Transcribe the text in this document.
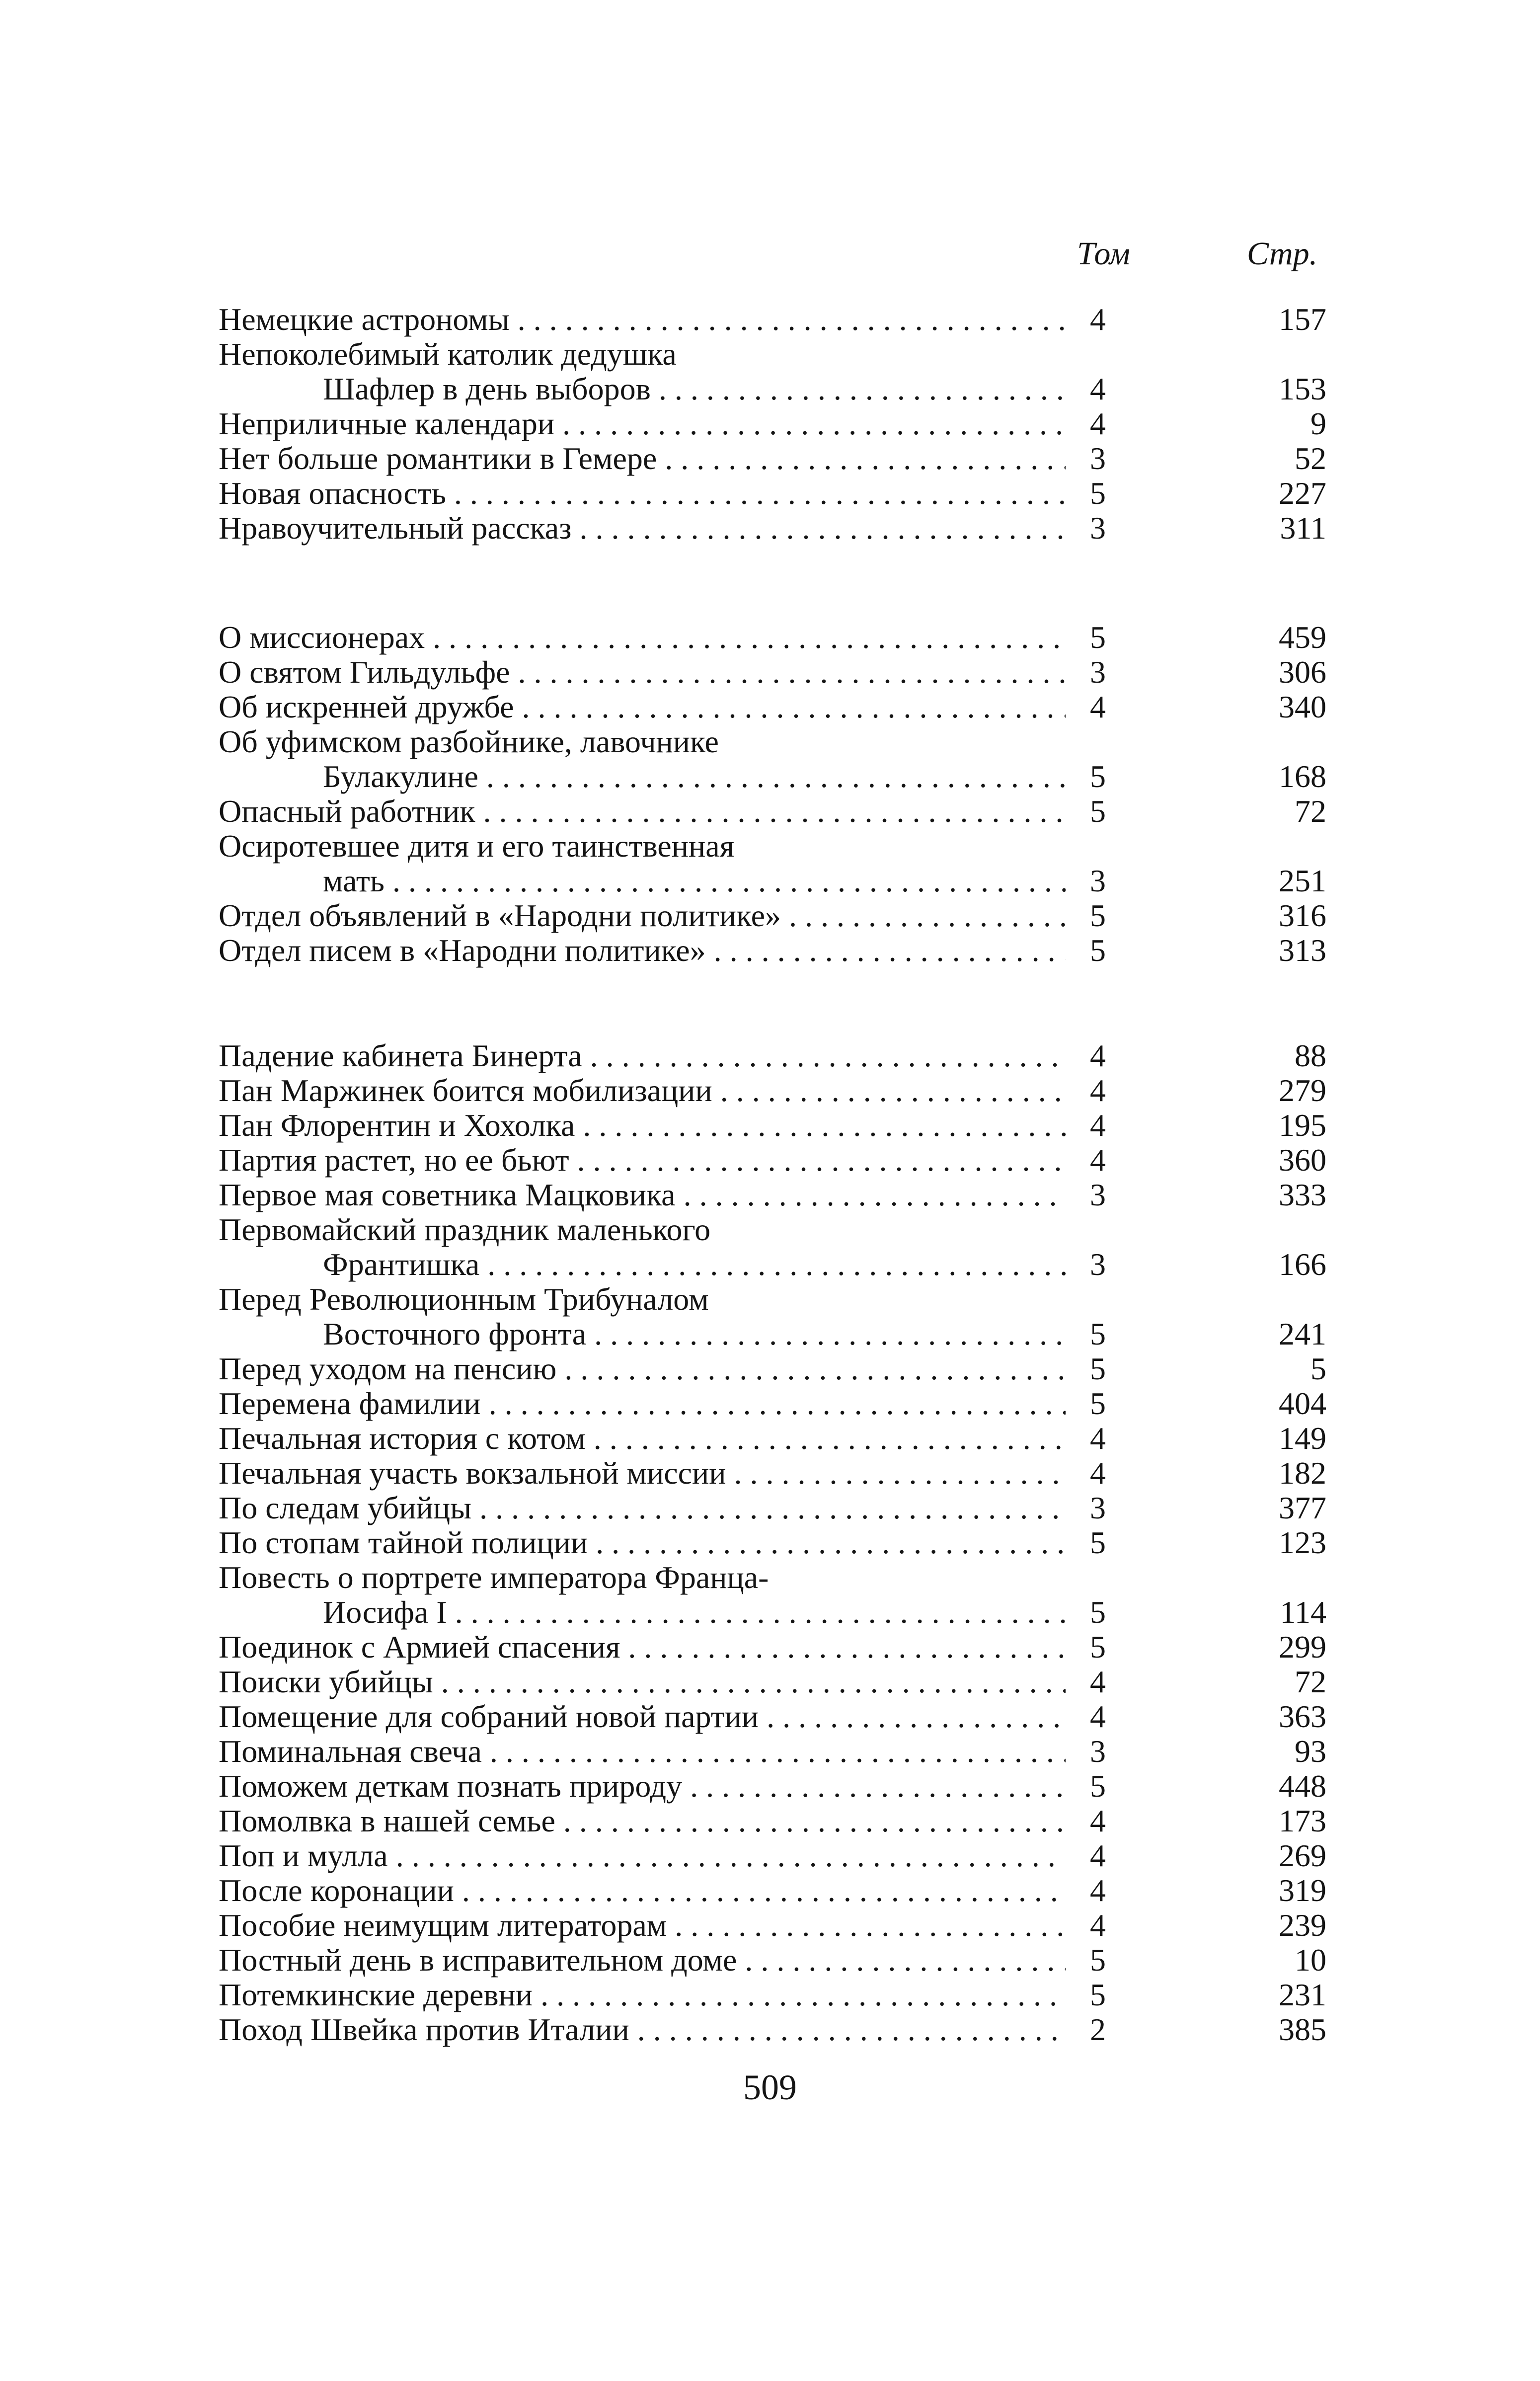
Том	Стр.
Немецкие астрономы . . .	4	157
Непоколебимый католик дедушка
Шафлер в день выборов . . .	4	153
Неприличные календари . . .	4	9
Нет больше романтики в Гемере . . .	3	52
Новая опасность . . .	5	227
Нравоучительный рассказ . . .	3	311
О миссионерах . . .	5	459
О святом Гильдульфе . . .	3	306
Об искренней дружбе . . .	4	340
Об уфимском разбойнике, лавочнике
Булакулине . . .	5	168
Опасный работник . . .	5	72
Осиротевшее дитя и его таинственная
мать . . .	3	251
Отдел объявлений в «Народни политике» . . .	5	316
Отдел писем в «Народни политике» . . .	5	313
Падение кабинета Бинерта . . .	4	88
Пан Маржинек боится мобилизации . . .	4	279
Пан Флорентин и Хохолка . . .	4	195
Партия растет, но ее бьют . . .	4	360
Первое мая советника Мацковика . . .	3	333
Первомайский праздник маленького
Франтишка . . .	3	166
Перед Революционным Трибуналом
Восточного фронта . . .	5	241
Перед уходом на пенсию . . .	5	5
Перемена фамилии . . .	5	404
Печальная история с котом . . .	4	149
Печальная участь вокзальной миссии . . .	4	182
По следам убийцы . . .	3	377
По стопам тайной полиции . . .	5	123
Повесть о портрете императора Франца-
Иосифа I . . .	5	114
Поединок с Армией спасения . . .	5	299
Поиски убийцы . . .	4	72
Помещение для собраний новой партии . . .	4	363
Поминальная свеча . . .	3	93
Поможем деткам познать природу . . .	5	448
Помолвка в нашей семье . . .	4	173
Поп и мулла . . .	4	269
После коронации . . .	4	319
Пособие неимущим литераторам . . .	4	239
Постный день в исправительном доме . . .	5	10
Потемкинские деревни . . .	5	231
Поход Швейка против Италии . . .	2	385
509
